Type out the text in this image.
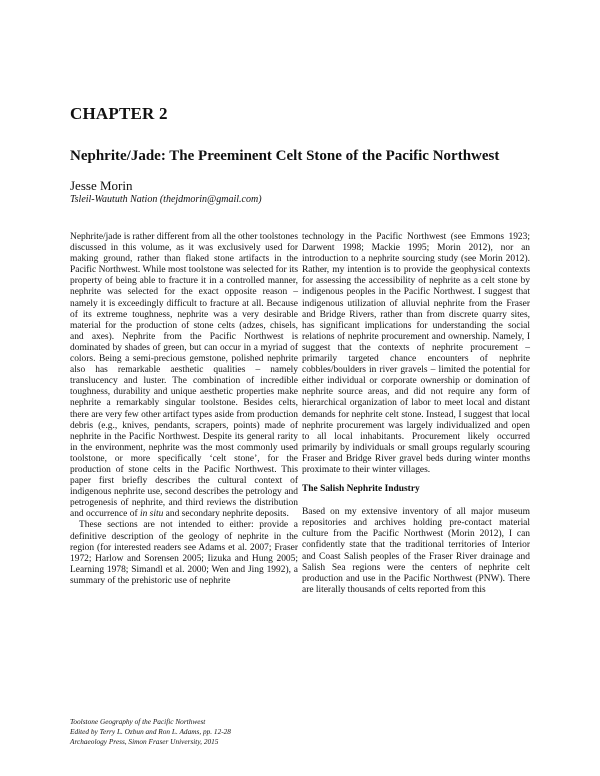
CHAPTER 2
Nephrite/Jade: The Preeminent Celt Stone of the Pacific Northwest
Jesse Morin
Tsleil-Waututh Nation (thejdmorin@gmail.com)

Nephrite/jade is rather different from all the other toolstones discussed in this volume, as it was exclusively used for making ground, rather than flaked stone artifacts in the Pacific Northwest. While most toolstone was selected for its property of being able to fracture it in a controlled manner, nephrite was selected for the exact opposite reason – namely it is exceedingly difficult to fracture at all. Because of its extreme toughness, nephrite was a very desirable material for the production of stone celts (adzes, chisels, and axes). Nephrite from the Pacific Northwest is dominated by shades of green, but can occur in a myriad of colors. Being a semi-precious gemstone, polished nephrite also has remarkable aesthetic qualities – namely translucency and luster. The combination of incredible toughness, durability and unique aesthetic properties make nephrite a remarkably singular toolstone. Besides celts, there are very few other artifact types aside from production debris (e.g., knives, pendants, scrapers, points) made of nephrite in the Pacific Northwest. Despite its general rarity in the environment, nephrite was the most commonly used toolstone, or more specifically ‘celt stone’, for the production of stone celts in the Pacific Northwest. This paper first briefly describes the cultural context of indigenous nephrite use, second describes the petrology and petrogenesis of nephrite, and third reviews the distribution and occurrence of in situ and secondary nephrite deposits.

These sections are not intended to either: provide a definitive description of the geology of nephrite in the region (for interested readers see Adams et al. 2007; Fraser 1972; Harlow and Sorensen 2005; Iizuka and Hung 2005; Learning 1978; Simandl et al. 2000; Wen and Jing 1992), a summary of the prehistoric use of nephrite

technology in the Pacific Northwest (see Emmons 1923; Darwent 1998; Mackie 1995; Morin 2012), nor an introduction to a nephrite sourcing study (see Morin 2012). Rather, my intention is to provide the geophysical contexts for assessing the accessibility of nephrite as a celt stone by indigenous peoples in the Pacific Northwest. I suggest that indigenous utilization of alluvial nephrite from the Fraser and Bridge Rivers, rather than from discrete quarry sites, has significant implications for understanding the social relations of nephrite procurement and ownership. Namely, I suggest that the contexts of nephrite procurement – primarily targeted chance encounters of nephrite cobbles/boulders in river gravels – limited the potential for either individual or corporate ownership or domination of nephrite source areas, and did not require any form of hierarchical organization of labor to meet local and distant demands for nephrite celt stone. Instead, I suggest that local nephrite procurement was largely individualized and open to all local inhabitants. Procurement likely occurred primarily by individuals or small groups regularly scouring Fraser and Bridge River gravel beds during winter months proximate to their winter villages.

The Salish Nephrite Industry

Based on my extensive inventory of all major museum repositories and archives holding pre-contact material culture from the Pacific Northwest (Morin 2012), I can confidently state that the traditional territories of Interior and Coast Salish peoples of the Fraser River drainage and Salish Sea regions were the centers of nephrite celt production and use in the Pacific Northwest (PNW). There are literally thousands of celts reported from this

Toolstone Geography of the Pacific Northwest
Edited by Terry L. Ozbun and Ron L. Adams, pp. 12-28
Archaeology Press, Simon Fraser University, 2015
